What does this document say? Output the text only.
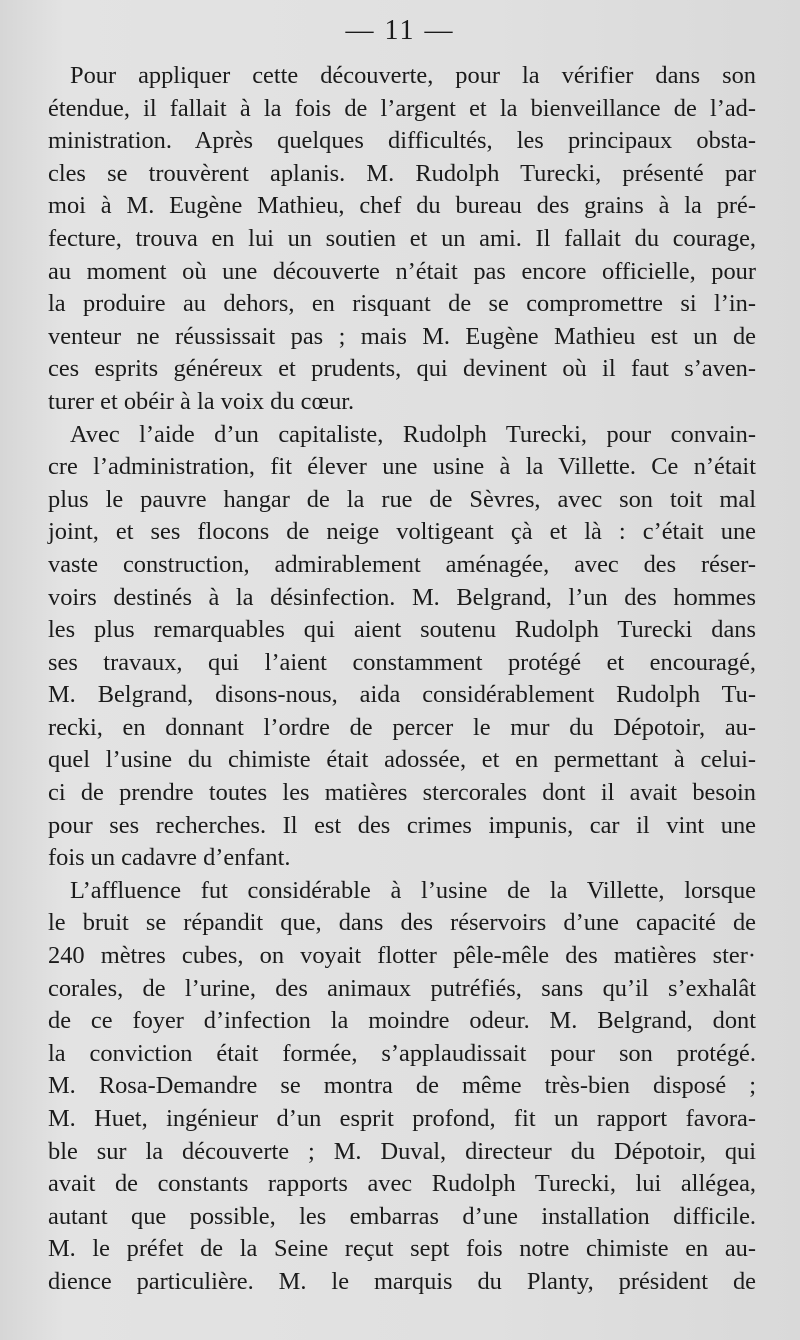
— 11 —
Pour appliquer cette découverte, pour la vérifier dans son
étendue, il fallait à la fois de l’argent et la bienveillance de l’ad-
ministration. Après quelques difficultés, les principaux obsta-
cles se trouvèrent aplanis. M. Rudolph Turecki, présenté par
moi à M. Eugène Mathieu, chef du bureau des grains à la pré-
fecture, trouva en lui un soutien et un ami. Il fallait du courage,
au moment où une découverte n’était pas encore officielle, pour
la produire au dehors, en risquant de se compromettre si l’in-
venteur ne réussissait pas ; mais M. Eugène Mathieu est un de
ces esprits généreux et prudents, qui devinent où il faut s’aven-
turer et obéir à la voix du cœur.
Avec l’aide d’un capitaliste, Rudolph Turecki, pour convain-
cre l’administration, fit élever une usine à la Villette. Ce n’était
plus le pauvre hangar de la rue de Sèvres, avec son toit mal
joint, et ses flocons de neige voltigeant çà et là : c’était une
vaste construction, admirablement aménagée, avec des réser-
voirs destinés à la désinfection. M. Belgrand, l’un des hommes
les plus remarquables qui aient soutenu Rudolph Turecki dans
ses travaux, qui l’aient constamment protégé et encouragé,
M. Belgrand, disons-nous, aida considérablement Rudolph Tu-
recki, en donnant l’ordre de percer le mur du Dépotoir, au-
quel l’usine du chimiste était adossée, et en permettant à celui-
ci de prendre toutes les matières stercorales dont il avait besoin
pour ses recherches. Il est des crimes impunis, car il vint une
fois un cadavre d’enfant.
L’affluence fut considérable à l’usine de la Villette, lorsque
le bruit se répandit que, dans des réservoirs d’une capacité de
240 mètres cubes, on voyait flotter pêle-mêle des matières ster·
corales, de l’urine, des animaux putréfiés, sans qu’il s’exhalât
de ce foyer d’infection la moindre odeur. M. Belgrand, dont
la conviction était formée, s’applaudissait pour son protégé.
M. Rosa-Demandre se montra de même très-bien disposé ;
M. Huet, ingénieur d’un esprit profond, fit un rapport favora-
ble sur la découverte ; M. Duval, directeur du Dépotoir, qui
avait de constants rapports avec Rudolph Turecki, lui allégea,
autant que possible, les embarras d’une installation difficile.
M. le préfet de la Seine reçut sept fois notre chimiste en au-
dience particulière. M. le marquis du Planty, président de
